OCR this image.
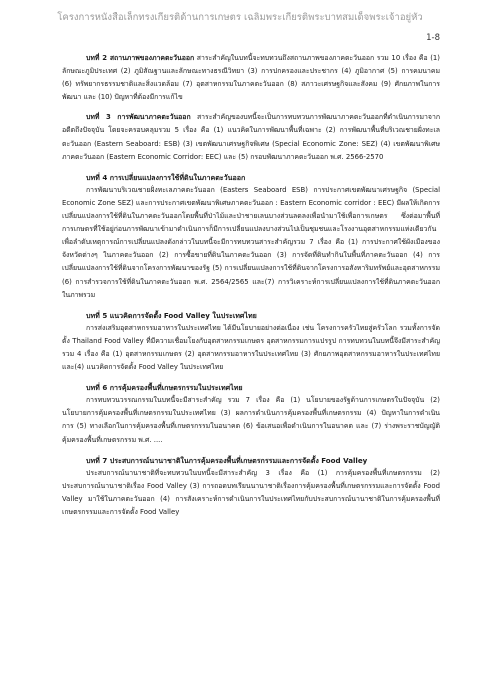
โครงการหนังสือเล็กทรงเกียรติด้านการเกษตร เฉลิมพระเกียรติพระบาทสมเด็จพระเจ้าอยู่หัว
1-8

บทที่ 2 สถานภาพของภาคตะวันออก สาระสำคัญในบทนี้จะทบทวนถึงสถานภาพของภาคตะวันออก รวม 10 เรื่อง คือ (1) ลักษณะภูมิประเทศ (2) ภูมิสัณฐานและลักษณะทางธรณีวิทยา (3) การปกครองและประชากร (4) ภูมิอากาศ (5) การคมนาคม (6) ทรัพยากรธรรมชาติและสิ่งแวดล้อม (7) อุตสาหกรรมในภาคตะวันออก (8) สภาวะเศรษฐกิจและสังคม (9) ศักยภาพในการพัฒนา และ (10) ปัญหาที่ต้องมีการแก้ไข

บทที่ 3 การพัฒนาภาคตะวันออก สาระสำคัญของบทนี้จะเป็นการทบทวนการพัฒนาภาคตะวันออกที่ดำเนินการมาจากอดีตถึงปัจจุบัน โดยจะครอบคลุมรวม 5 เรื่อง คือ (1) แนวคิดในการพัฒนาพื้นที่เฉพาะ (2) การพัฒนาพื้นที่บริเวณชายฝั่งทะเลตะวันออก (Eastern Seaboard: ESB) (3) เขตพัฒนาเศรษฐกิจพิเศษ (Special Economic Zone: SEZ) (4) เขตพัฒนาพิเศษภาคตะวันออก (Eastern Economic Corridor: EEC) และ (5) กรอบพัฒนาภาคตะวันออก พ.ศ. 2566-2570

บทที่ 4 การเปลี่ยนแปลงการใช้ที่ดินในภาคตะวันออก

การพัฒนาบริเวณชายฝั่งทะเลภาคตะวันออก (Easters Seaboard ESB) การประกาศเขตพัฒนาเศรษฐกิจ (Special Economic Zone SEZ) และการประกาศเขตพัฒนาพิเศษภาคตะวันออก : Eastern Economic corridor : EEC) มีผลให้เกิดการเปลี่ยนแปลงการใช้ที่ดินในภาคตะวันออกโดยพื้นที่ป่าไม้และป่าชายเลนบางส่วนลดลงเพื่อนำมาใช้เพื่อการเกษตร ซึ่งต่อมาพื้นที่การเกษตรที่ใช้อยู่ก่อนการพัฒนาเข้ามาดำเนินการก็มีการเปลี่ยนแปลงบางส่วนไปเป็นชุมชนและโรงงานอุตสาหกรรมแห่งเดียวกัน เพื่อลำดับเหตุการณ์การเปลี่ยนแปลงดังกล่าวในบทนี้จะมีการทบทวนสาระสำคัญรวม 7 เรื่อง คือ (1) การประกาศใช้ผังเมืองของจังหวัดต่างๆ ในภาคตะวันออก (2) การซื้อขายที่ดินในภาคตะวันออก (3) การจัดที่ดินทำกินในพื้นที่ภาคตะวันออก (4) การเปลี่ยนแปลงการใช้ที่ดินจากโครงการพัฒนาของรัฐ (5) การเปลี่ยนแปลงการใช้ที่ดินจากโครงการอสังหาริมทรัพย์และอุตสาหกรรม (6) การสำรวจการใช้ที่ดินในภาคตะวันออก พ.ศ. 2564/2565 และ(7) การวิเคราะห์การเปลี่ยนแปลงการใช้ที่ดินภาคตะวันออกในภาพรวม

บทที่ 5 แนวคิดการจัดตั้ง Food Valley ในประเทศไทย

การส่งเสริมอุตสาหกรรมอาหารในประเทศไทย ได้มีนโยบายอย่างต่อเนื่อง เช่น โครงการครัวไทยสู่ครัวโลก รวมทั้งการจัดตั้ง Thailand Food Valley ที่มีความเชื่อมโยงกับอุตสาหกรรมเกษตร อุตสาหกรรมการแปรรูป การทบทวนในบทนี้จึงมีสาระสำคัญรวม 4 เรื่อง คือ (1) อุตสาหกรรมเกษตร (2) อุตสาหกรรมอาหารในประเทศไทย (3) ศักยภาพอุตสาหกรรมอาหารในประเทศไทย และ(4) แนวคิดการจัดตั้ง Food Valley ในประเทศไทย

บทที่ 6 การคุ้มครองพื้นที่เกษตรกรรมในประเทศไทย

การทบทวนวรรณกรรมในบทนี้จะมีสาระสำคัญ รวม 7 เรื่อง คือ (1) นโยบายของรัฐด้านการเกษตรในปัจจุบัน (2) นโยบายการคุ้มครองพื้นที่เกษตรกรรมในประเทศไทย (3) ผลการดำเนินการคุ้มครองพื้นที่เกษตรกรรม (4) ปัญหาในการดำเนินการ (5) ทางเลือกในการคุ้มครองพื้นที่เกษตรกรรมในอนาคต (6) ข้อเสนอเพื่อดำเนินการในอนาคต และ (7) ร่างพระราชบัญญัติคุ้มครองพื้นที่เกษตรกรรม พ.ศ. ....

บทที่ 7 ประสบการณ์นานาชาติในการคุ้มครองพื้นที่เกษตรกรรมและการจัดตั้ง Food Valley

ประสบการณ์นานาชาติที่จะทบทวนในบทนี้จะมีสาระสำคัญ 3 เรื่อง คือ (1) การคุ้มครองพื้นที่เกษตรกรรม (2) ประสบการณ์นานาชาติเรื่อง Food Valley (3) การถอดบทเรียนนานาชาติเรื่องการคุ้มครองพื้นที่เกษตรกรรมและการจัดตั้ง Food Valley มาใช้ในภาคตะวันออก (4) การสังเคราะห์การดำเนินการในประเทศไทยกับประสบการณ์นานาชาติในการคุ้มครองพื้นที่เกษตรกรรมและการจัดตั้ง Food Valley
